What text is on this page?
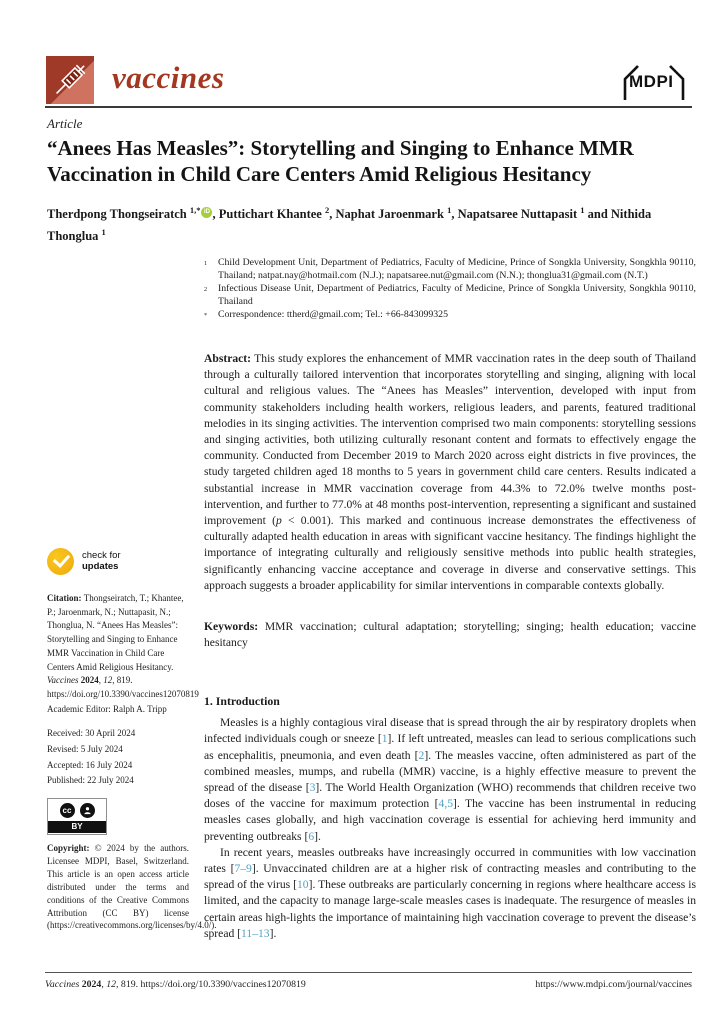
vaccines	MDPI
Article
“Anees Has Measles”: Storytelling and Singing to Enhance MMR Vaccination in Child Care Centers Amid Religious Hesitancy
Therdpong Thongseiratch $^{1,*}$ iD , Puttichart Khantee $^2$, Naphat Jaroenmark $^1$, Napatsaree Nuttapasit $^1$ and Nithida Thonglua $^1$
$^1$	Child Development Unit, Department of Pediatrics, Faculty of Medicine, Prince of Songkla University, Songkhla 90110, Thailand; natpat.nay@hotmail.com (N.J.); napatsaree.nut@gmail.com (N.N.); thonglua31@gmail.com (N.T.)
$^2$	Infectious Disease Unit, Department of Pediatrics, Faculty of Medicine, Prince of Songkla University, Songkhla 90110, Thailand
*	Correspondence: ttherd@gmail.com; Tel.: +66-843099325
Abstract: This study explores the enhancement of MMR vaccination rates in the deep south of Thailand through a culturally tailored intervention that incorporates storytelling and singing, aligning with local cultural and religious values. The “Anees has Measles” intervention, developed with input from community stakeholders including health workers, religious leaders, and parents, featured traditional melodies in its singing activities. The intervention comprised two main components: storytelling sessions and singing activities, both utilizing culturally resonant content and formats to effectively engage the community. Conducted from December 2019 to March 2020 across eight districts in five provinces, the study targeted children aged 18 months to 5 years in government child care centers. Results indicated a substantial increase in MMR vaccination coverage from 44.3% to 72.0% twelve months post-intervention, and further to 77.0% at 48 months post-intervention, representing a significant and sustained improvement (p < 0.001). This marked and continuous increase demonstrates the effectiveness of culturally adapted health education in areas with significant vaccine hesitancy. The findings highlight the importance of integrating culturally and religiously sensitive methods into public health strategies, significantly enhancing vaccine acceptance and coverage in diverse and conservative settings. This approach suggests a broader applicability for similar interventions in comparable contexts globally.
Keywords: MMR vaccination; cultural adaptation; storytelling; singing; health education; vaccine hesitancy

1. Introduction

Measles is a highly contagious viral disease that is spread through the air by respiratory droplets when infected individuals cough or sneeze [1]. If left untreated, measles can lead to serious complications such as encephalitis, pneumonia, and even death [2]. The measles vaccine, often administered as part of the combined measles, mumps, and rubella (MMR) vaccine, is a highly effective measure to prevent the spread of the disease [3]. The World Health Organization (WHO) recommends that children receive two doses of the vaccine for maximum protection [4,5]. The vaccine has been instrumental in reducing measles cases globally, and high vaccination coverage is essential for achieving herd immunity and preventing outbreaks [6].

In recent years, measles outbreaks have increasingly occurred in communities with low vaccination rates [7–9]. Unvaccinated children are at a higher risk of contracting measles and contributing to the spread of the virus [10]. These outbreaks are particularly concerning in regions where healthcare access is limited, and the capacity to manage large-scale measles cases is inadequate. The resurgence of measles in certain areas high-lights the importance of maintaining high vaccination coverage to prevent the disease’s spread [11–13].

check for
updates
Citation: Thongseiratch, T.; Khantee, P.; Jaroenmark, N.; Nuttapasit, N.; Thonglua, N. “Anees Has Measles”: Storytelling and Singing to Enhance MMR Vaccination in Child Care Centers Amid Religious Hesitancy. Vaccines 2024, 12, 819. https://doi.org/10.3390/vaccines12070819
Academic Editor: Ralph A. Tripp
Received: 30 April 2024
Revised: 5 July 2024
Accepted: 16 July 2024
Published: 22 July 2024
cc
BY
Copyright: © 2024 by the authors. Licensee MDPI, Basel, Switzerland. This article is an open access article distributed under the terms and conditions of the Creative Commons Attribution (CC BY) license (https://creativecommons.org/licenses/by/4.0/).
Vaccines 2024, 12, 819. https://doi.org/10.3390/vaccines12070819	https://www.mdpi.com/journal/vaccines
